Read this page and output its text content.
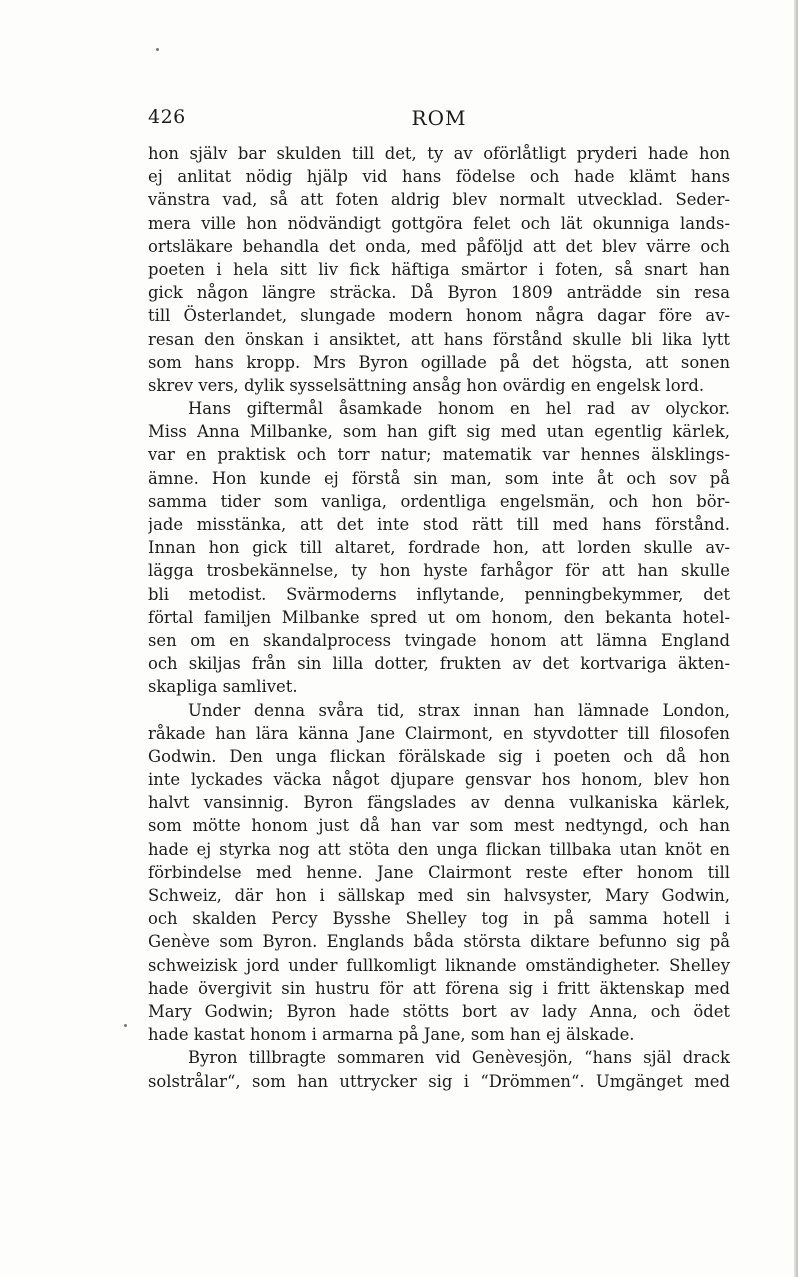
426	ROM
hon själv bar skulden till det, ty av oförlåtligt pryderi hade hon
ej anlitat nödig hjälp vid hans födelse och hade klämt hans
vänstra vad, så att foten aldrig blev normalt utvecklad. Seder-
mera ville hon nödvändigt gottgöra felet och lät okunniga lands-
ortsläkare behandla det onda, med påföljd att det blev värre och
poeten i hela sitt liv fick häftiga smärtor i foten, så snart han
gick någon längre sträcka. Då Byron 1809 anträdde sin resa
till Österlandet, slungade modern honom några dagar före av-
resan den önskan i ansiktet, att hans förstånd skulle bli lika lytt
som hans kropp. Mrs Byron ogillade på det högsta, att sonen
skrev vers, dylik sysselsättning ansåg hon ovärdig en engelsk lord.
Hans giftermål åsamkade honom en hel rad av olyckor.
Miss Anna Milbanke, som han gift sig med utan egentlig kärlek,
var en praktisk och torr natur; matematik var hennes älsklings-
ämne. Hon kunde ej förstå sin man, som inte åt och sov på
samma tider som vanliga, ordentliga engelsmän, och hon bör-
jade misstänka, att det inte stod rätt till med hans förstånd.
Innan hon gick till altaret, fordrade hon, att lorden skulle av-
lägga trosbekännelse, ty hon hyste farhågor för att han skulle
bli metodist. Svärmoderns inflytande, penningbekymmer, det
förtal familjen Milbanke spred ut om honom, den bekanta hotel-
sen om en skandalprocess tvingade honom att lämna England
och skiljas från sin lilla dotter, frukten av det kortvariga äkten-
skapliga samlivet.
Under denna svåra tid, strax innan han lämnade London,
råkade han lära känna Jane Clairmont, en styvdotter till filosofen
Godwin. Den unga flickan förälskade sig i poeten och då hon
inte lyckades väcka något djupare gensvar hos honom, blev hon
halvt vansinnig. Byron fängslades av denna vulkaniska kärlek,
som mötte honom just då han var som mest nedtyngd, och han
hade ej styrka nog att stöta den unga flickan tillbaka utan knöt en
förbindelse med henne. Jane Clairmont reste efter honom till
Schweiz, där hon i sällskap med sin halvsyster, Mary Godwin,
och skalden Percy Bysshe Shelley tog in på samma hotell i
Genève som Byron. Englands båda största diktare befunno sig på
schweizisk jord under fullkomligt liknande omständigheter. Shelley
hade övergivit sin hustru för att förena sig i fritt äktenskap med
Mary Godwin; Byron hade stötts bort av lady Anna, och ödet
hade kastat honom i armarna på Jane, som han ej älskade.
Byron tillbragte sommaren vid Genèvesjön, “hans själ drack
solstrålar“, som han uttrycker sig i “Drömmen“. Umgänget med
